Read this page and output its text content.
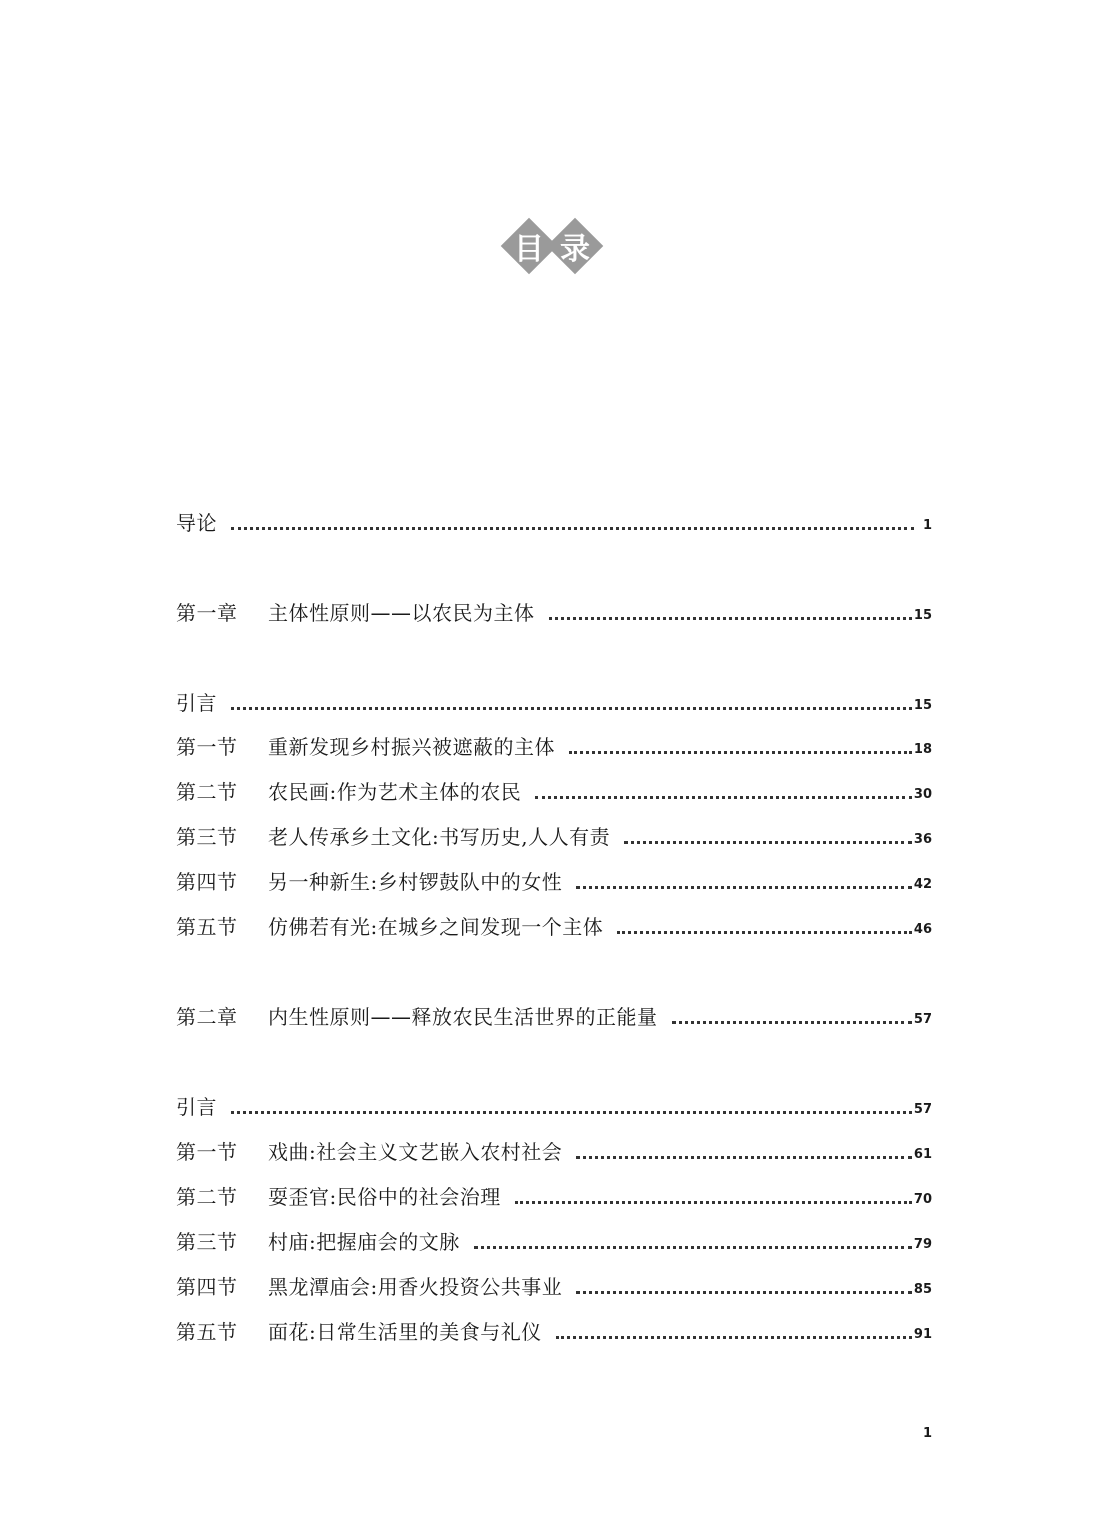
目 录
导论	1
第一章 主体性原则——以农民为主体	15
引言	15
第一节 重新发现乡村振兴被遮蔽的主体	18
第二节 农民画:作为艺术主体的农民	30
第三节 老人传承乡土文化:书写历史,人人有责	36
第四节 另一种新生:乡村锣鼓队中的女性	42
第五节 仿佛若有光:在城乡之间发现一个主体	46
第二章 内生性原则——释放农民生活世界的正能量	57
引言	57
第一节 戏曲:社会主义文艺嵌入农村社会	61
第二节 耍歪官:民俗中的社会治理	70
第三节 村庙:把握庙会的文脉	79
第四节 黑龙潭庙会:用香火投资公共事业	85
第五节 面花:日常生活里的美食与礼仪	91
1
